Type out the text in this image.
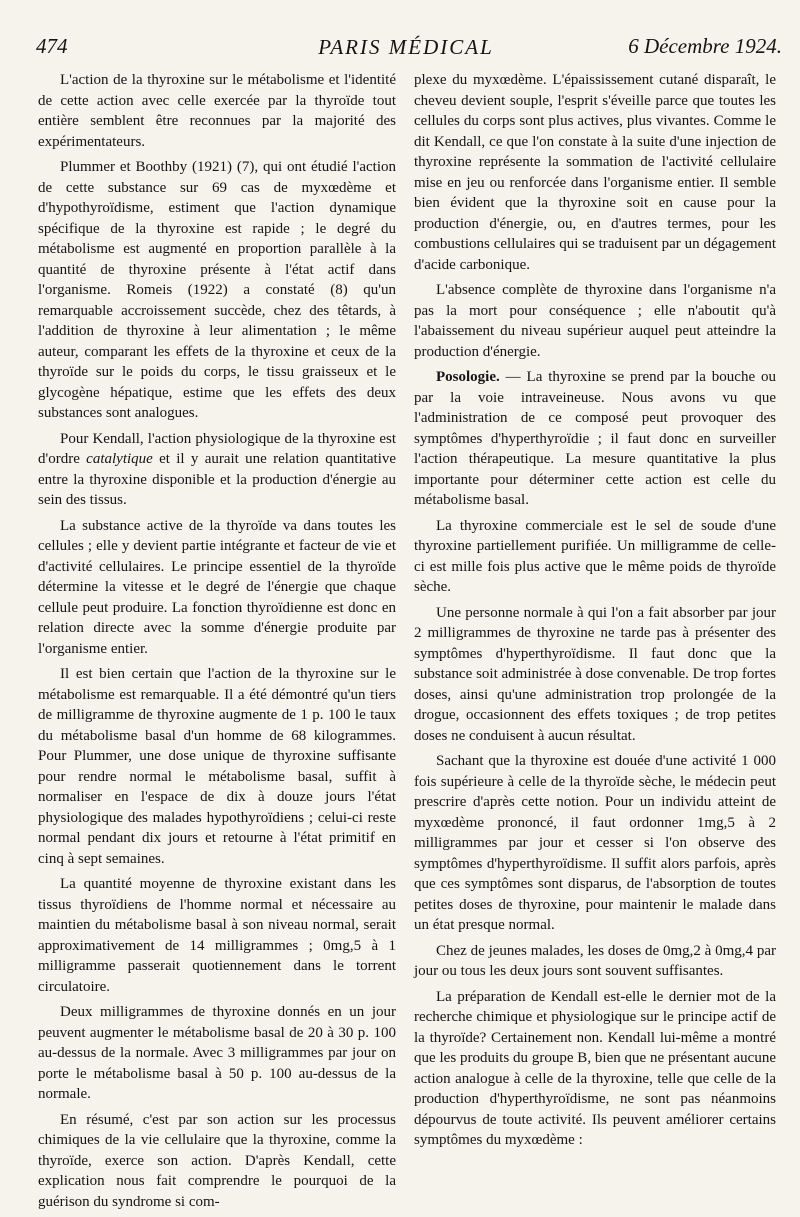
474	PARIS MÉDICAL	6 Décembre 1924.

L'action de la thyroxine sur le métabolisme et l'identité de cette action avec celle exercée par la thyroïde tout entière semblent être reconnues par la majorité des expérimentateurs.

Plummer et Boothby (1921) (7), qui ont étudié l'action de cette substance sur 69 cas de myxœdème et d'hypothyroïdisme, estiment que l'action dynamique spécifique de la thyroxine est rapide ; le degré du métabolisme est augmenté en proportion parallèle à la quantité de thyroxine présente à l'état actif dans l'organisme. Romeis (1922) a constaté (8) qu'un remarquable accroissement succède, chez des têtards, à l'addition de thyroxine à leur alimentation ; le même auteur, comparant les effets de la thyroxine et ceux de la thyroïde sur le poids du corps, le tissu graisseux et le glycogène hépatique, estime que les effets des deux substances sont analogues.

Pour Kendall, l'action physiologique de la thyroxine est d'ordre catalytique et il y aurait une relation quantitative entre la thyroxine disponible et la production d'énergie au sein des tissus.

La substance active de la thyroïde va dans toutes les cellules ; elle y devient partie intégrante et facteur de vie et d'activité cellulaires. Le principe essentiel de la thyroïde détermine la vitesse et le degré de l'énergie que chaque cellule peut produire. La fonction thyroïdienne est donc en relation directe avec la somme d'énergie produite par l'organisme entier.

Il est bien certain que l'action de la thyroxine sur le métabolisme est remarquable. Il a été démontré qu'un tiers de milligramme de thyroxine augmente de 1 p. 100 le taux du métabolisme basal d'un homme de 68 kilogrammes. Pour Plummer, une dose unique de thyroxine suffisante pour rendre normal le métabolisme basal, suffit à normaliser en l'espace de dix à douze jours l'état physiologique des malades hypothyroïdiens ; celui-ci reste normal pendant dix jours et retourne à l'état primitif en cinq à sept semaines.

La quantité moyenne de thyroxine existant dans les tissus thyroïdiens de l'homme normal et nécessaire au maintien du métabolisme basal à son niveau normal, serait approximativement de 14 milligrammes ; 0mg,5 à 1 milligramme passerait quotiennement dans le torrent circulatoire.

Deux milligrammes de thyroxine donnés en un jour peuvent augmenter le métabolisme basal de 20 à 30 p. 100 au-dessus de la normale. Avec 3 milligrammes par jour on porte le métabolisme basal à 50 p. 100 au-dessus de la normale.

En résumé, c'est par son action sur les processus chimiques de la vie cellulaire que la thyroxine, comme la thyroïde, exerce son action. D'après Kendall, cette explication nous fait comprendre le pourquoi de la guérison du syndrome si com-

plexe du myxœdème. L'épaississement cutané disparaît, le cheveu devient souple, l'esprit s'éveille parce que toutes les cellules du corps sont plus actives, plus vivantes. Comme le dit Kendall, ce que l'on constate à la suite d'une injection de thyroxine représente la sommation de l'activité cellulaire mise en jeu ou renforcée dans l'organisme entier. Il semble bien évident que la thyroxine soit en cause pour la production d'énergie, ou, en d'autres termes, pour les combustions cellulaires qui se traduisent par un dégagement d'acide carbonique.

L'absence complète de thyroxine dans l'organisme n'a pas la mort pour conséquence ; elle n'aboutit qu'à l'abaissement du niveau supérieur auquel peut atteindre la production d'énergie.

Posologie. — La thyroxine se prend par la bouche ou par la voie intraveineuse. Nous avons vu que l'administration de ce composé peut provoquer des symptômes d'hyperthyroïdie ; il faut donc en surveiller l'action thérapeutique. La mesure quantitative la plus importante pour déterminer cette action est celle du métabolisme basal.

La thyroxine commerciale est le sel de soude d'une thyroxine partiellement purifiée. Un milligramme de celle-ci est mille fois plus active que le même poids de thyroïde sèche.

Une personne normale à qui l'on a fait absorber par jour 2 milligrammes de thyroxine ne tarde pas à présenter des symptômes d'hyperthyroïdisme. Il faut donc que la substance soit administrée à dose convenable. De trop fortes doses, ainsi qu'une administration trop prolongée de la drogue, occasionnent des effets toxiques ; de trop petites doses ne conduisent à aucun résultat.

Sachant que la thyroxine est douée d'une activité 1 000 fois supérieure à celle de la thyroïde sèche, le médecin peut prescrire d'après cette notion. Pour un individu atteint de myxœdème prononcé, il faut ordonner 1mg,5 à 2 milligrammes par jour et cesser si l'on observe des symptômes d'hyperthyroïdisme. Il suffit alors parfois, après que ces symptômes sont disparus, de l'absorption de toutes petites doses de thyroxine, pour maintenir le malade dans un état presque normal.

Chez de jeunes malades, les doses de 0mg,2 à 0mg,4 par jour ou tous les deux jours sont souvent suffisantes.

La préparation de Kendall est-elle le dernier mot de la recherche chimique et physiologique sur le principe actif de la thyroïde? Certainement non. Kendall lui-même a montré que les produits du groupe B, bien que ne présentant aucune action analogue à celle de la thyroxine, telle que celle de la production d'hyperthyroïdisme, ne sont pas néanmoins dépourvus de toute activité. Ils peuvent améliorer certains symptômes du myxœdème :
